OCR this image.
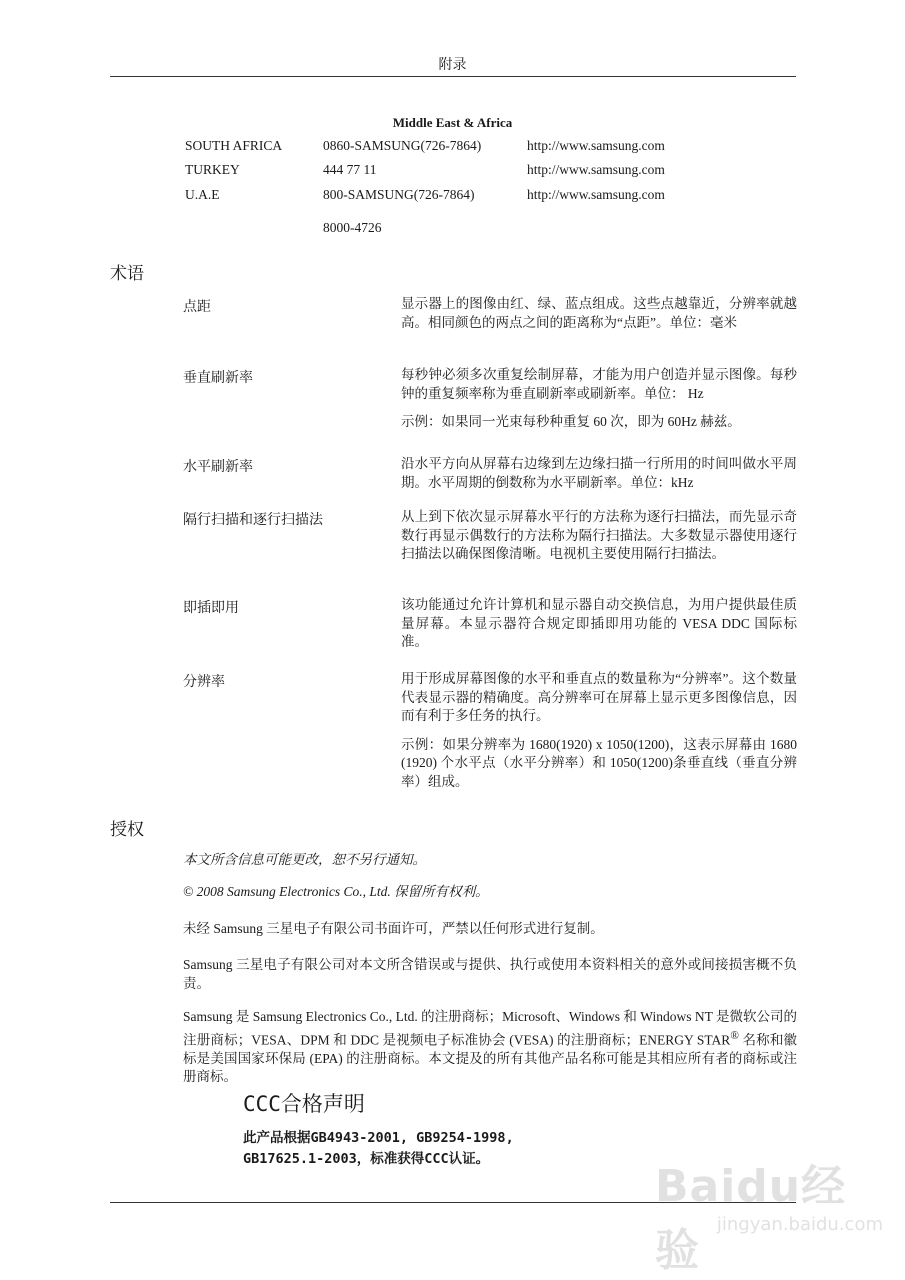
附录
Middle East & Africa
SOUTH AFRICA	0860-SAMSUNG(726-7864)	http://www.samsung.com
TURKEY	444 77 11	http://www.samsung.com
U.A.E	800-SAMSUNG(726-7864)	http://www.samsung.com
8000-4726
术语
点距	显示器上的图像由红、绿、蓝点组成。这些点越靠近，分辨率就越高。相同颜色的两点之间的距离称为“点距”。单位：毫米

垂直刷新率	每秒钟必须多次重复绘制屏幕，才能为用户创造并显示图像。每秒钟的重复频率称为垂直刷新率或刷新率。单位： Hz

示例：如果同一光束每秒种重复 60 次，即为 60Hz 赫兹。

水平刷新率	沿水平方向从屏幕右边缘到左边缘扫描一行所用的时间叫做水平周期。水平周期的倒数称为水平刷新率。单位：kHz

隔行扫描和逐行扫描法	从上到下依次显示屏幕水平行的方法称为逐行扫描法，而先显示奇数行再显示偶数行的方法称为隔行扫描法。大多数显示器使用逐行扫描法以确保图像清晰。电视机主要使用隔行扫描法。

即插即用	该功能通过允许计算机和显示器自动交换信息，为用户提供最佳质量屏幕。本显示器符合规定即插即用功能的 VESA DDC 国际标准。

分辨率	用于形成屏幕图像的水平和垂直点的数量称为“分辨率”。这个数量代表显示器的精确度。高分辨率可在屏幕上显示更多图像信息，因而有利于多任务的执行。

示例：如果分辨率为 1680(1920) x 1050(1200)，这表示屏幕由 1680 (1920) 个水平点（水平分辨率）和 1050(1200)条垂直线（垂直分辨率）组成。

授权
本文所含信息可能更改，恕不另行通知。
© 2008 Samsung Electronics Co., Ltd. 保留所有权利。
未经 Samsung 三星电子有限公司书面许可，严禁以任何形式进行复制。
Samsung 三星电子有限公司对本文所含错误或与提供、执行或使用本资料相关的意外或间接损害概不负责。
Samsung 是 Samsung Electronics Co., Ltd. 的注册商标；Microsoft、Windows 和 Windows NT 是微软公司的注册商标；VESA、DPM 和 DDC 是视频电子标准协会 (VESA) 的注册商标；ENERGY STAR® 名称和徽标是美国国家环保局 (EPA) 的注册商标。本文提及的所有其他产品名称可能是其相应所有者的商标或注册商标。
CCC合格声明
此产品根据GB4943-2001, GB9254-1998,
GB17625.1-2003，标准获得CCC认证。
Baidu经验
jingyan.baidu.com
